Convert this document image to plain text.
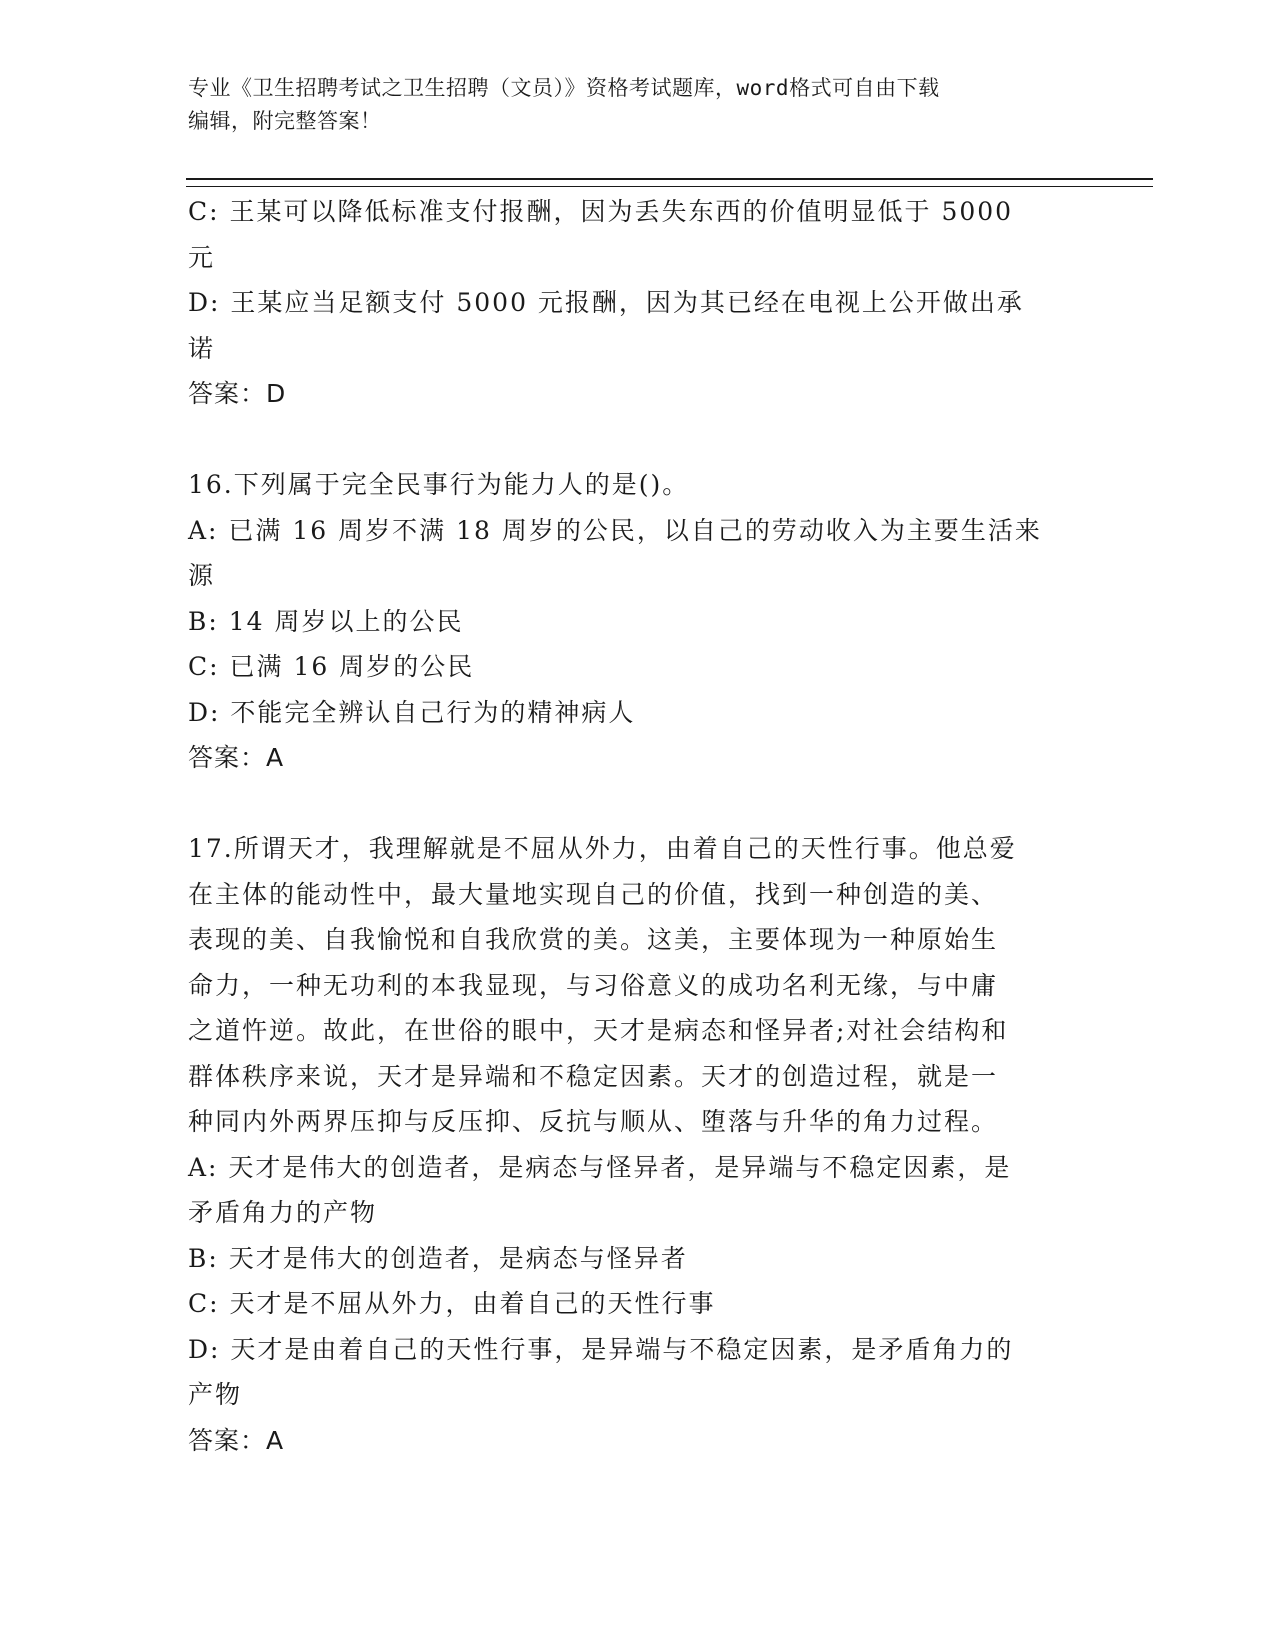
专业《卫生招聘考试之卫生招聘（文员）》资格考试题库，word格式可自由下载
编辑，附完整答案！
C: 王某可以降低标准支付报酬，因为丢失东西的价值明显低于 5000
元
D: 王某应当足额支付 5000 元报酬，因为其已经在电视上公开做出承
诺
答案：D
16.下列属于完全民事行为能力人的是()。
A: 已满 16 周岁不满 18 周岁的公民，以自己的劳动收入为主要生活来
源
B: 14 周岁以上的公民
C: 已满 16 周岁的公民
D: 不能完全辨认自己行为的精神病人
答案：A
17.所谓天才，我理解就是不屈从外力，由着自己的天性行事。他总爱
在主体的能动性中，最大量地实现自己的价值，找到一种创造的美、
表现的美、自我愉悦和自我欣赏的美。这美，主要体现为一种原始生
命力，一种无功利的本我显现，与习俗意义的成功名利无缘，与中庸
之道忤逆。故此，在世俗的眼中，天才是病态和怪异者;对社会结构和
群体秩序来说，天才是异端和不稳定因素。天才的创造过程，就是一
种同内外两界压抑与反压抑、反抗与顺从、堕落与升华的角力过程。
A: 天才是伟大的创造者，是病态与怪异者，是异端与不稳定因素，是
矛盾角力的产物
B: 天才是伟大的创造者，是病态与怪异者
C: 天才是不屈从外力，由着自己的天性行事
D: 天才是由着自己的天性行事，是异端与不稳定因素，是矛盾角力的
产物
答案：A
